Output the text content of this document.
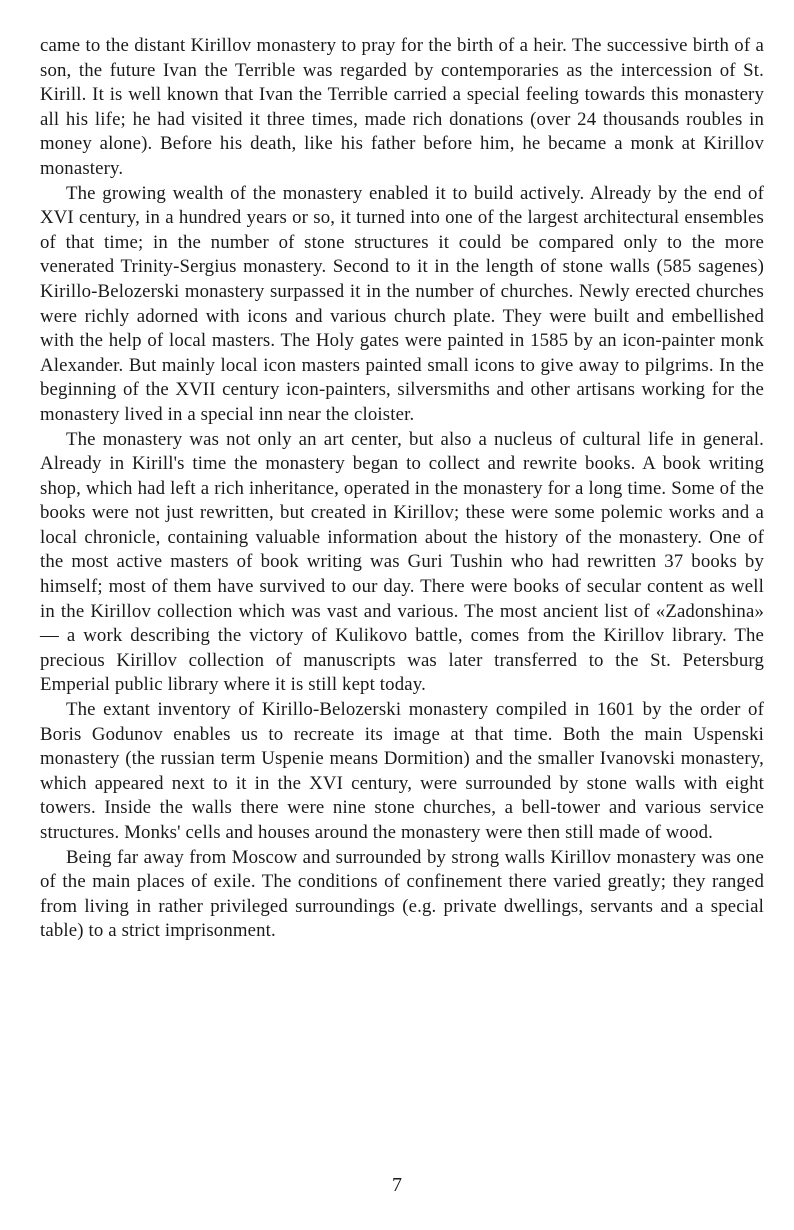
came to the distant Kirillov monastery to pray for the birth of a heir. The successive birth of a son, the future Ivan the Terrible was regarded by contemporaries as the intercession of St. Kirill. It is well known that Ivan the Terrible carried a special feeling towards this monastery all his life; he had visited it three times, made rich donations (over 24 thousands roubles in money alone). Before his death, like his father before him, he became a monk at Kirillov monastery.

The growing wealth of the monastery enabled it to build actively. Already by the end of XVI century, in a hundred years or so, it turned into one of the largest architectural ensembles of that time; in the number of stone structures it could be compared only to the more venerated Trinity-Sergius monastery. Second to it in the length of stone walls (585 sagenes) Kirillo-Belozerski monastery surpassed it in the number of churches. Newly erected churches were richly adorned with icons and various church plate. They were built and embellished with the help of local masters. The Holy gates were painted in 1585 by an icon-painter monk Alexander. But mainly local icon masters painted small icons to give away to pilgrims. In the beginning of the XVII century icon-painters, silversmiths and other artisans working for the monastery lived in a special inn near the cloister.

The monastery was not only an art center, but also a nucleus of cultural life in general. Already in Kirill's time the monastery began to collect and rewrite books. A book writing shop, which had left a rich inheritance, operated in the monastery for a long time. Some of the books were not just rewritten, but created in Kirillov; these were some polemic works and a local chronicle, containing valuable information about the history of the monastery. One of the most active masters of book writing was Guri Tushin who had rewritten 37 books by himself; most of them have survived to our day. There were books of secular content as well in the Kirillov collection which was vast and various. The most ancient list of «Zadonshina» — a work describing the victory of Kulikovo battle, comes from the Kirillov library. The precious Kirillov collection of manuscripts was later transferred to the St. Petersburg Emperial public library where it is still kept today.

The extant inventory of Kirillo-Belozerski monastery compiled in 1601 by the order of Boris Godunov enables us to recreate its image at that time. Both the main Uspenski monastery (the russian term Uspenie means Dormition) and the smaller Ivanovski monastery, which appeared next to it in the XVI century, were surrounded by stone walls with eight towers. Inside the walls there were nine stone churches, a bell-tower and various service structures. Monks' cells and houses around the monastery were then still made of wood.

Being far away from Moscow and surrounded by strong walls Kirillov monastery was one of the main places of exile. The conditions of confinement there varied greatly; they ranged from living in rather privileged surroundings (e.g. private dwellings, servants and a special table) to a strict imprisonment.

7
